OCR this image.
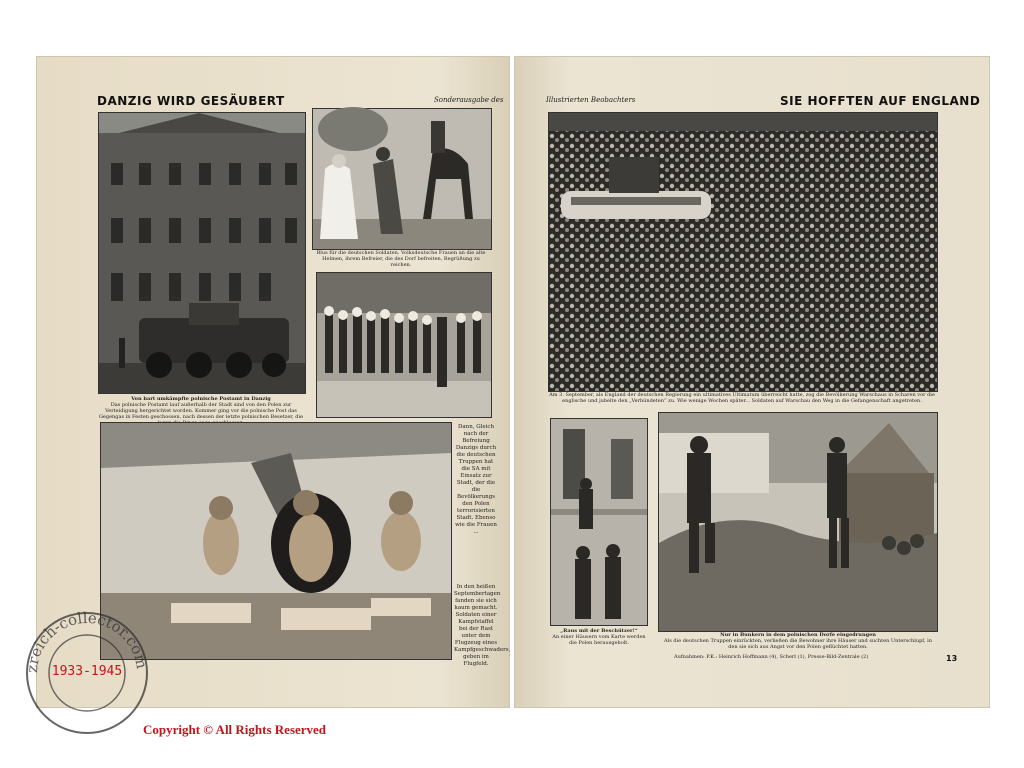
DANZIG WIRD GESÄUBERT	Sonderausgabe des
Von hart umkämpfte polnische Postamt in Danzig
Das polnische Postamt lauf außerhalb der Stadt sind von den Polen zur Verteidigung hergerichtet worden. Kommer ging vor die polnische Post das Gegengas in Festen geschossen, nach dessen der letzte polnischen Besetzer, die
Blus für die deutschen Soldaten. Volksdeutsche Frauen an die alte Helmen, ihrem Befreier, die des Dorf befreiten, Begrüßung zu reichen.
Dann, Gleich nach der Befreiung Danzigs durch die deutschen Truppen hat die SA mit Einsatz zur Stadt, der die die Bevölkerungs den Polen terrorisierten Stadt. Ebenso wie die Frauen ...
In den heißen Septembertagen fanden sie sich kaum gemacht. Soldaten einer Kampfstaffel bei der Rast unter dem Flugzeug eines Kampfgeschwaders, geben im Flugfeld.
Illustrierten Beobachters	SIE HOFFTEN AUF ENGLAND
Am 3. September, als England der deutschen Regierung ein ultimatives Ultimatum überreicht hatte, zog die Bevölkerung Warschaus in Scharen vor die englische und jubelte den „Verbündeten“ zu. Wie wenige Wochen später... Soldaten auf Warschau den Weg in die Gefangenschaft angetreten.
„Raus mit der Beschützer!“
An einer Häusern vom Karte werden die Polen herausgeholt.
Nur in Bunkern in dem polnischen Dorfe eingedrungen
Als die deutschen Truppen einrückten, verließen die Bewohner ihre Häuser und suchten Unterschlupf, in den sie sich aus Angst vor den Polen geflüchtet hatten.
Aufnahmen: P.K.: Heinrich Hoffmann (4), Scherl (1), Presse-Bild-Zentrale (2)	13
zreich-collector.com
1933-1945
Copyright © All Rights Reserved
